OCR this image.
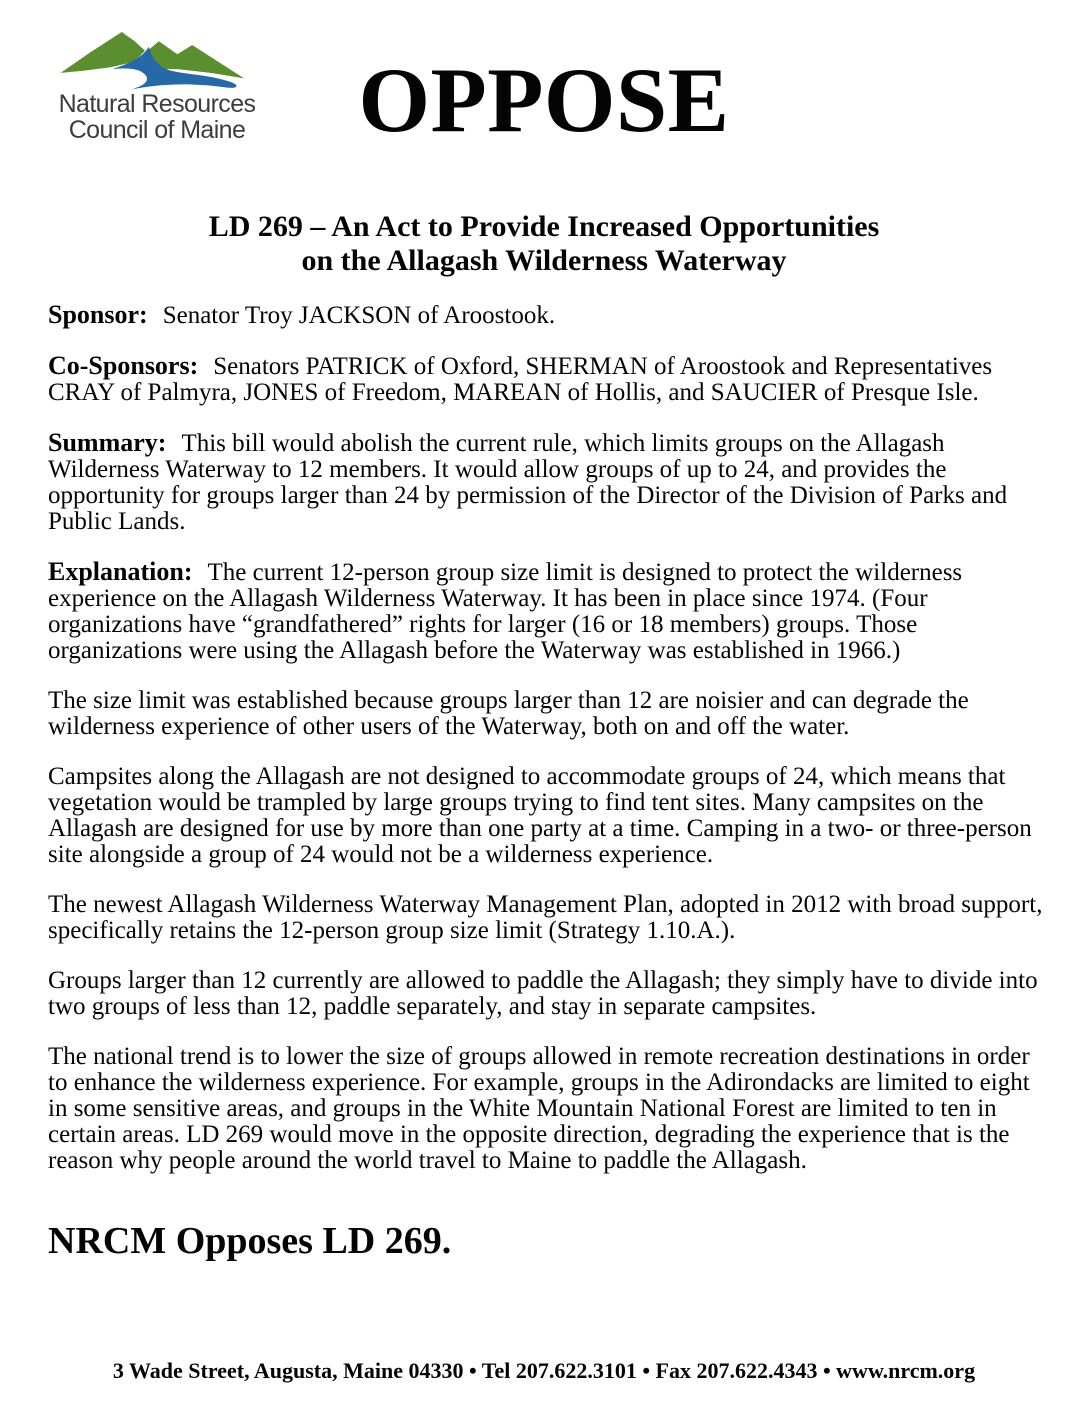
Natural Resources
Council of Maine	OPPOSE
LD 269 – An Act to Provide Increased Opportunities
on the Allagash Wilderness Waterway

Sponsor: Senator Troy JACKSON of Aroostook.

Co-Sponsors: Senators PATRICK of Oxford, SHERMAN of Aroostook and Representatives CRAY of Palmyra, JONES of Freedom, MAREAN of Hollis, and SAUCIER of Presque Isle.

Summary: This bill would abolish the current rule, which limits groups on the Allagash Wilderness Waterway to 12 members. It would allow groups of up to 24, and provides the opportunity for groups larger than 24 by permission of the Director of the Division of Parks and Public Lands.

Explanation: The current 12-person group size limit is designed to protect the wilderness experience on the Allagash Wilderness Waterway. It has been in place since 1974. (Four organizations have “grandfathered” rights for larger (16 or 18 members) groups. Those organizations were using the Allagash before the Waterway was established in 1966.)

The size limit was established because groups larger than 12 are noisier and can degrade the wilderness experience of other users of the Waterway, both on and off the water.

Campsites along the Allagash are not designed to accommodate groups of 24, which means that vegetation would be trampled by large groups trying to find tent sites. Many campsites on the Allagash are designed for use by more than one party at a time. Camping in a two- or three-person site alongside a group of 24 would not be a wilderness experience.

The newest Allagash Wilderness Waterway Management Plan, adopted in 2012 with broad support, specifically retains the 12-person group size limit (Strategy 1.10.A.).

Groups larger than 12 currently are allowed to paddle the Allagash; they simply have to divide into two groups of less than 12, paddle separately, and stay in separate campsites.

The national trend is to lower the size of groups allowed in remote recreation destinations in order to enhance the wilderness experience. For example, groups in the Adirondacks are limited to eight in some sensitive areas, and groups in the White Mountain National Forest are limited to ten in certain areas. LD 269 would move in the opposite direction, degrading the experience that is the reason why people around the world travel to Maine to paddle the Allagash.

NRCM Opposes LD 269.
3 Wade Street, Augusta, Maine 04330 • Tel 207.622.3101 • Fax 207.622.4343 • www.nrcm.org
